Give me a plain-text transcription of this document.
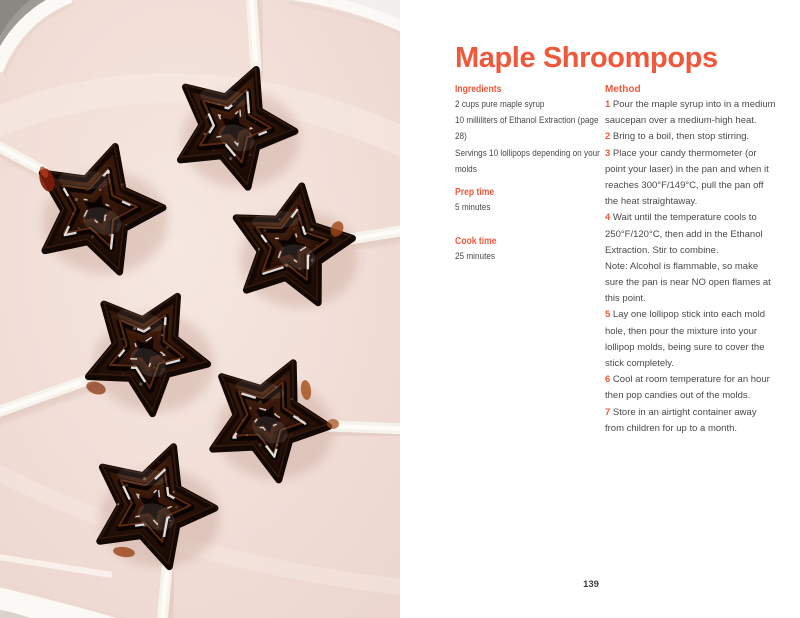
Maple Shroompops
Ingredients
2 cups pure maple syrup
10 milliliters of Ethanol Extraction (page
28)
Servings 10 lollipops depending on your
molds
Prep time
5 minutes
Cook time
25 minutes
Method
1 Pour the maple syrup into in a medium
saucepan over a medium-high heat.
2 Bring to a boil, then stop stirring.
3 Place your candy thermometer (or
point your laser) in the pan and when it
reaches 300°F/149°C, pull the pan off
the heat straightaway.
4 Wait until the temperature cools to
250°F/120°C, then add in the Ethanol
Extraction. Stir to combine.
Note: Alcohol is flammable, so make
sure the pan is near NO open flames at
this point.
5 Lay one lollipop stick into each mold
hole, then pour the mixture into your
lollipop molds, being sure to cover the
stick completely.
6 Cool at room temperature for an hour
then pop candies out of the molds.
7 Store in an airtight container away
from children for up to a month.
139
